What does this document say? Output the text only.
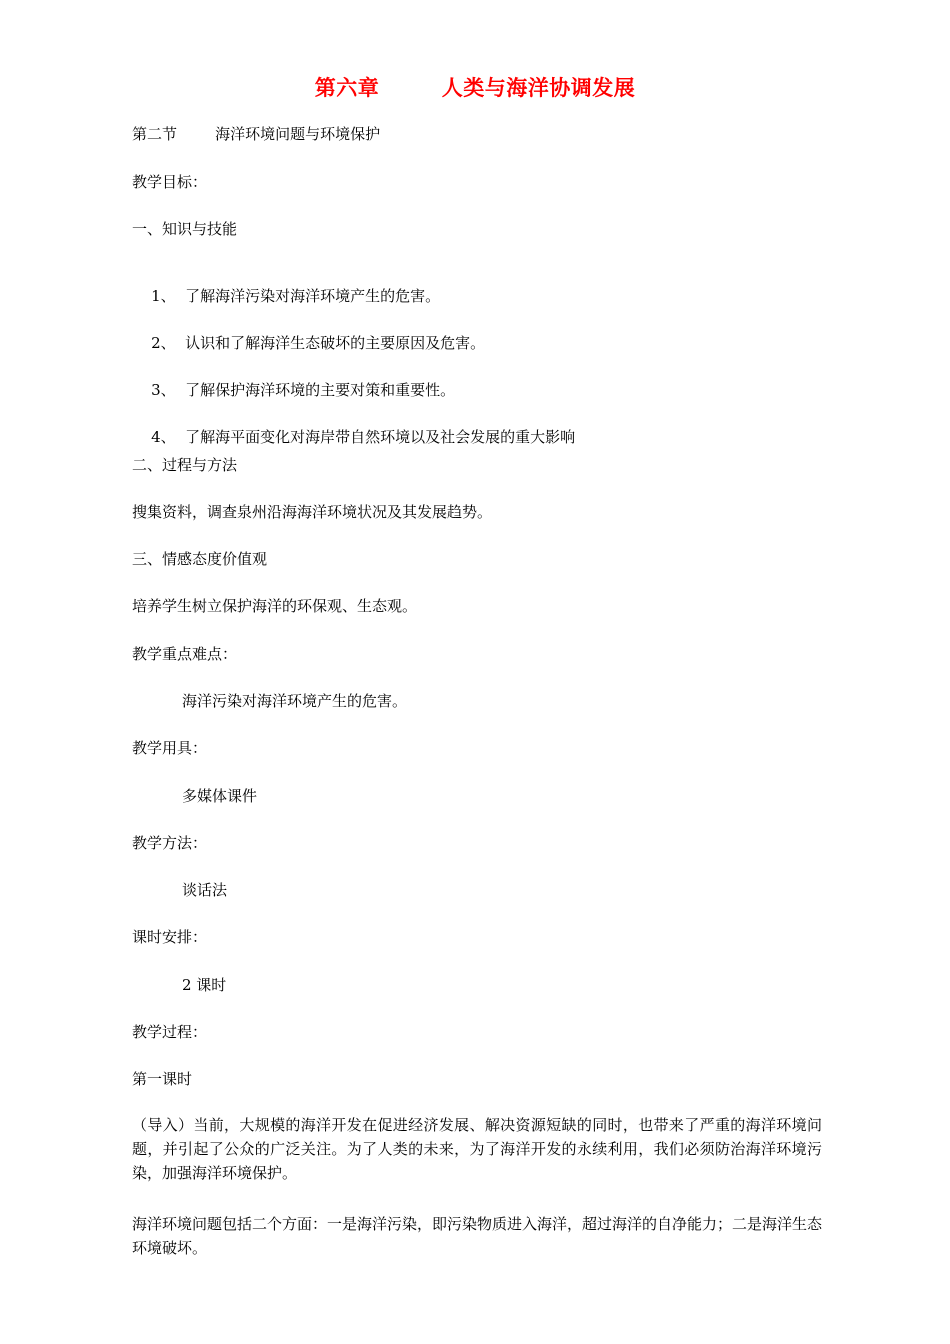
第六章        人类与海洋协调发展
第二节        海洋环境问题与环境保护
教学目标：
一、知识与技能

1、 了解海洋污染对海洋环境产生的危害。

2、 认识和了解海洋生态破坏的主要原因及危害。

3、 了解保护海洋环境的主要对策和重要性。

4、 了解海平面变化对海岸带自然环境以及社会发展的重大影响

二、过程与方法
搜集资料，调查泉州沿海海洋环境状况及其发展趋势。
三、情感态度价值观
培养学生树立保护海洋的环保观、生态观。
教学重点难点：
海洋污染对海洋环境产生的危害。
教学用具：
多媒体课件
教学方法：
谈话法
课时安排：
2 课时
教学过程：
第一课时
（导入）当前，大规模的海洋开发在促进经济发展、解决资源短缺的同时，也带来了严重的海洋环境问题，并引起了公众的广泛关注。为了人类的未来，为了海洋开发的永续利用，我们必须防治海洋环境污染，加强海洋环境保护。
海洋环境问题包括二个方面：一是海洋污染，即污染物质进入海洋，超过海洋的自净能力；二是海洋生态环境破坏。
